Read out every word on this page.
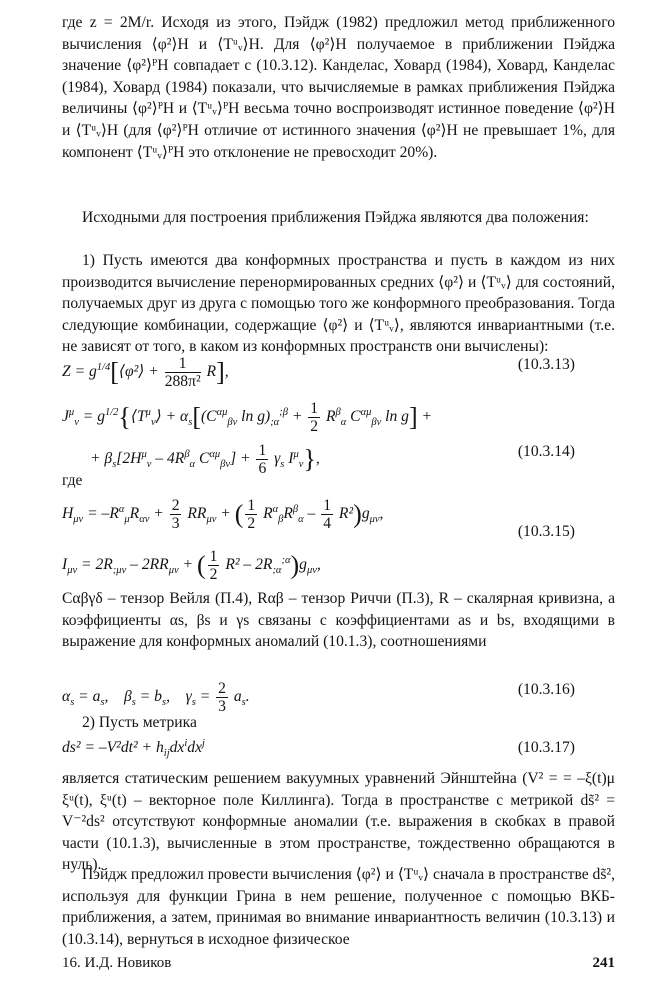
где z = 2M/r. Исходя из этого, Пэйдж (1982) предложил метод приближенного вычисления ⟨φ²⟩H и ⟨Tᵘᵥ⟩H. Для ⟨φ²⟩H получаемое в приближении Пэйджа значение ⟨φ²⟩ᴾH совпадает с (10.3.12). Канделас, Ховард (1984), Ховард, Канделас (1984), Ховард (1984) показали, что вычисляемые в рамках приближения Пэйджа величины ⟨φ²⟩ᴾH и ⟨Tᵘᵥ⟩ᴾH весьма точно воспроизводят истинное поведение ⟨φ²⟩H и ⟨Tᵘᵥ⟩H (для ⟨φ²⟩ᴾH отличие от истинного значения ⟨φ²⟩H не превышает 1%, для компонент ⟨Tᵘᵥ⟩ᴾH это отклонение не превосходит 20%).

Исходными для построения приближения Пэйджа являются два положения:

1) Пусть имеются два конформных пространства и пусть в каждом из них производится вычисление перенормированных средних ⟨φ²⟩ и ⟨Tᵘᵥ⟩ для состояний, получаемых друг из друга с помощью того же конформного преобразования. Тогда следующие комбинации, содержащие ⟨φ²⟩ и ⟨Tᵘᵥ⟩, являются инвариантными (т.е. не зависят от того, в каком из конформных пространств они вычислены):

$Z = g^{1/4}[⟨\varphi^2⟩ + \frac{1}{\text{288π²}} R]$,	(10.3.13)
$J^\mu_\nu$ = $g^{1/2}\{⟨T^\mu_\nu⟩ + \alpha_s[(C^{\alpha\mu}_{\beta\nu}$ $\ln g)_{;\alpha}^{;\beta} + \frac{1}{2} R^\beta_\alpha$ $C^{\alpha\mu}_{\beta\nu}$ ln g] +
+ $\beta_s[2H^\mu_\nu - 4R^\beta_\alpha$ $C^{\alpha\mu}_{\beta\nu}] + \frac{1}{6} \gamma_s$ $I^\mu_\nu$},	(10.3.14)

где

$H_{\mu\nu} = -R^\alpha_\mu R_{\alpha\nu} + \frac{2}{3} RR_{\mu\nu}$ + ( $\frac{1}{2} R^\alpha_\beta R^\beta_\alpha - \frac{1}{4} R^2)g_{\mu\nu}$,
(10.3.15)
$I_{\mu\nu} = 2R_{;\mu\nu} - 2RR_{\mu\nu}$ + ( $\frac{1}{2} R^2 - 2R_{;\alpha}^{;\alpha})g_{\mu\nu}$,

Cαβγδ – тензор Вейля (П.4), Rαβ – тензор Риччи (П.3), R – скалярная кривизна, а коэффициенты αs, βs и γs связаны с коэффициентами as и bs, входящими в выражение для конформных аномалий (10.1.3), соотношениями

$\alpha_s = a_s$,    $\beta_s = b_s$,    $\gamma_s = \frac{2}{3} a_s$.	(10.3.16)

2) Пусть метрика

$ds^2 = -V^2dt^2 + h_{ij}dx^idx^j$	(10.3.17)

является статическим решением вакуумных уравнений Эйнштейна (V² = = –ξ(t)μ ξᵘ(t), ξᵘ(t) – векторное поле Киллинга). Тогда в пространстве с метрикой ds̃² = V⁻²ds² отсутствуют конформные аномалии (т.е. выражения в скобках в правой части (10.1.3), вычисленные в этом пространстве, тождественно обращаются в нуль).

Пэйдж предложил провести вычисления ⟨φ²⟩ и ⟨Tᵘᵥ⟩ сначала в пространстве ds̃², используя для функции Грина в нем решение, полученное с помощью ВКБ-приближения, а затем, принимая во внимание инвариантность величин (10.3.13) и (10.3.14), вернуться в исходное физическое

16. И.Д. Новиков	241
